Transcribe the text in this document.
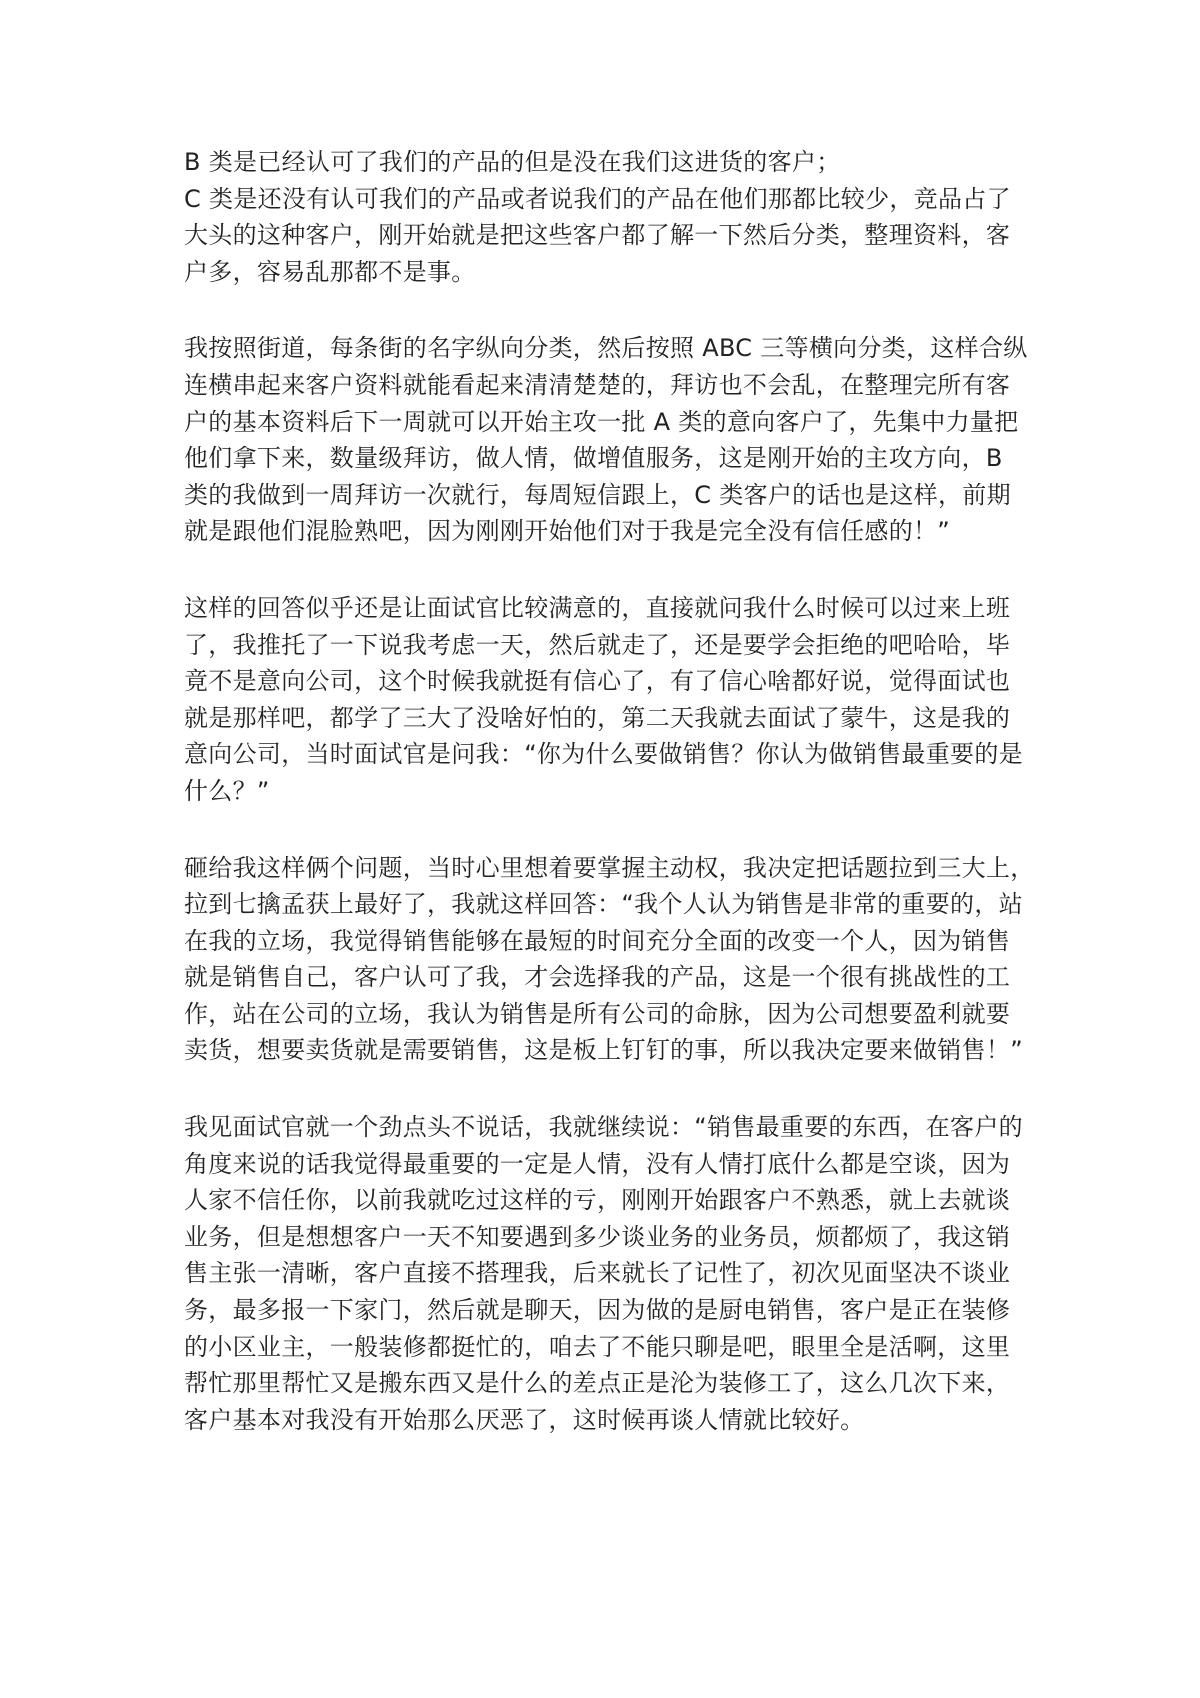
B 类是已经认可了我们的产品的但是没在我们这进货的客户；
C 类是还没有认可我们的产品或者说我们的产品在他们那都比较少，竞品占了
大头的这种客户，刚开始就是把这些客户都了解一下然后分类，整理资料，客
户多，容易乱那都不是事。
我按照街道，每条街的名字纵向分类，然后按照 ABC 三等横向分类，这样合纵
连横串起来客户资料就能看起来清清楚楚的，拜访也不会乱，在整理完所有客
户的基本资料后下一周就可以开始主攻一批 A 类的意向客户了，先集中力量把
他们拿下来，数量级拜访，做人情，做增值服务，这是刚开始的主攻方向，B
类的我做到一周拜访一次就行，每周短信跟上，C 类客户的话也是这样，前期
就是跟他们混脸熟吧，因为刚刚开始他们对于我是完全没有信任感的！”
这样的回答似乎还是让面试官比较满意的，直接就问我什么时候可以过来上班
了，我推托了一下说我考虑一天，然后就走了，还是要学会拒绝的吧哈哈，毕
竟不是意向公司，这个时候我就挺有信心了，有了信心啥都好说，觉得面试也
就是那样吧，都学了三大了没啥好怕的，第二天我就去面试了蒙牛，这是我的
意向公司，当时面试官是问我：“你为什么要做销售？你认为做销售最重要的是
什么？”
砸给我这样俩个问题，当时心里想着要掌握主动权，我决定把话题拉到三大上，
拉到七擒孟获上最好了，我就这样回答：“我个人认为销售是非常的重要的，站
在我的立场，我觉得销售能够在最短的时间充分全面的改变一个人，因为销售
就是销售自己，客户认可了我，才会选择我的产品，这是一个很有挑战性的工
作，站在公司的立场，我认为销售是所有公司的命脉，因为公司想要盈利就要
卖货，想要卖货就是需要销售，这是板上钉钉的事，所以我决定要来做销售！”
我见面试官就一个劲点头不说话，我就继续说：“销售最重要的东西，在客户的
角度来说的话我觉得最重要的一定是人情，没有人情打底什么都是空谈，因为
人家不信任你，以前我就吃过这样的亏，刚刚开始跟客户不熟悉，就上去就谈
业务，但是想想客户一天不知要遇到多少谈业务的业务员，烦都烦了，我这销
售主张一清晰，客户直接不搭理我，后来就长了记性了，初次见面坚决不谈业
务，最多报一下家门，然后就是聊天，因为做的是厨电销售，客户是正在装修
的小区业主，一般装修都挺忙的，咱去了不能只聊是吧，眼里全是活啊，这里
帮忙那里帮忙又是搬东西又是什么的差点正是沦为装修工了，这么几次下来，
客户基本对我没有开始那么厌恶了，这时候再谈人情就比较好。
